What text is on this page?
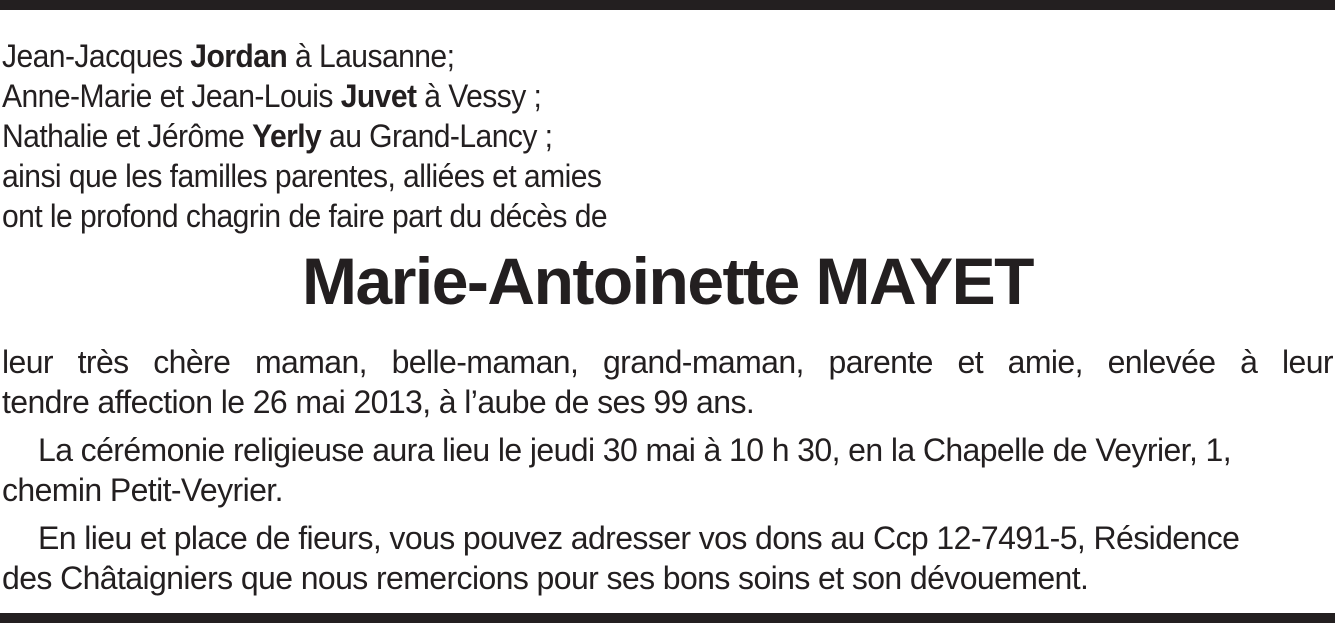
Jean-Jacques Jordan à Lausanne;
Anne-Marie et Jean-Louis Juvet à Vessy ;
Nathalie et Jérôme Yerly au Grand-Lancy ;
ainsi que les familles parentes, alliées et amies
ont le profond chagrin de faire part du décès de
Marie-Antoinette MAYET
leur très chère maman, belle-maman, grand-maman, parente et amie, enlevée à leur
tendre affection le 26 mai 2013, à l’aube de ses 99 ans.
La cérémonie religieuse aura lieu le jeudi 30 mai à 10 h 30, en la Chapelle de Veyrier, 1,
chemin Petit-Veyrier.
En lieu et place de fieurs, vous pouvez adresser vos dons au Ccp 12-7491-5, Résidence
des Châtaigniers que nous remercions pour ses bons soins et son dévouement.
